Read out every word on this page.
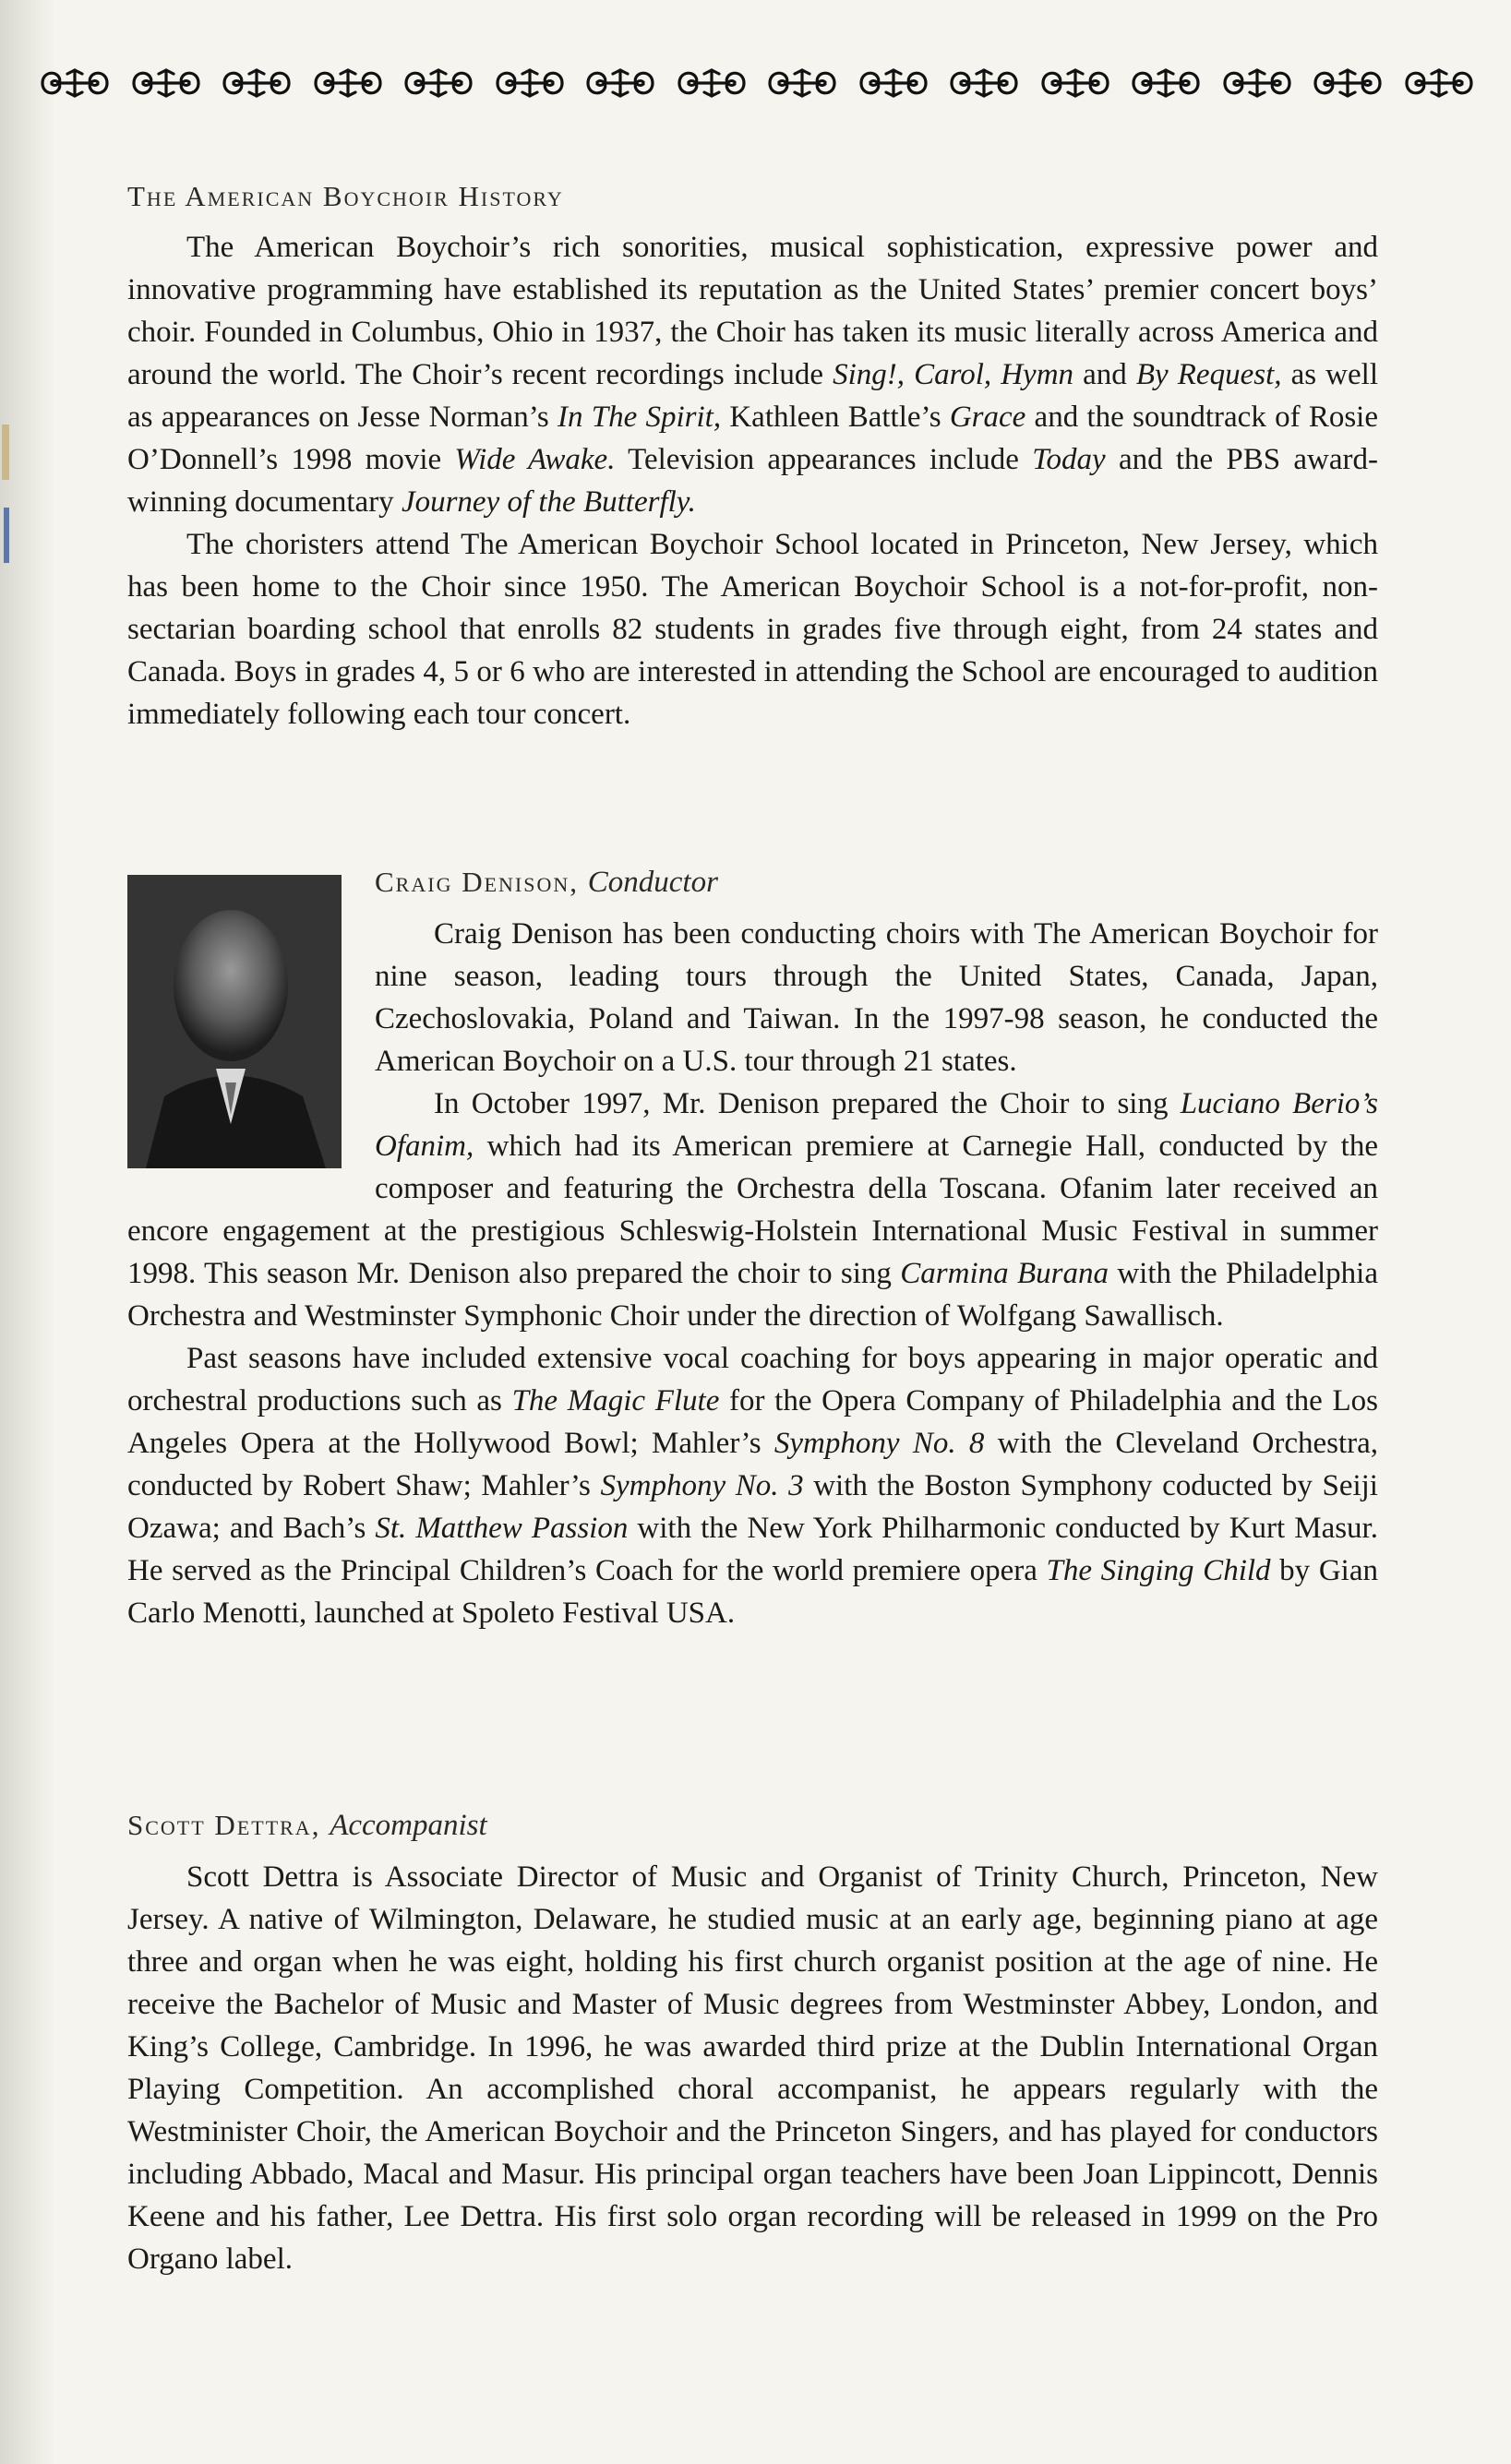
The American Boychoir History

The American Boychoir’s rich sonorities, musical sophistication, expressive power and innovative programming have established its reputation as the United States’ premier concert boys’ choir. Founded in Columbus, Ohio in 1937, the Choir has taken its music literally across America and around the world. The Choir’s recent recordings include Sing!, Carol, Hymn and By Request, as well as appearances on Jesse Norman’s In The Spirit, Kathleen Battle’s Grace and the soundtrack of Rosie O’Donnell’s 1998 movie Wide Awake. Television appearances include Today and the PBS award-winning documentary Journey of the Butterfly.

The choristers attend The American Boychoir School located in Princeton, New Jersey, which has been home to the Choir since 1950. The American Boychoir School is a not-for-profit, non-sectarian boarding school that enrolls 82 students in grades five through eight, from 24 states and Canada. Boys in grades 4, 5 or 6 who are interested in attending the School are encouraged to audition immediately following each tour concert.

Craig Denison, Conductor

Craig Denison has been conducting choirs with The American Boychoir for nine season, leading tours through the United States, Canada, Japan, Czechoslovakia, Poland and Taiwan. In the 1997-98 season, he conducted the American Boychoir on a U.S. tour through 21 states.

In October 1997, Mr. Denison prepared the Choir to sing Luciano Berio’s Ofanim, which had its American premiere at Carnegie Hall, conducted by the composer and featuring the Orchestra della Toscana. Ofanim later received an encore engagement at the prestigious Schleswig-Holstein International Music Festival in summer 1998. This season Mr. Denison also prepared the choir to sing Carmina Burana with the Philadelphia Orchestra and Westminster Symphonic Choir under the direction of Wolfgang Sawallisch.

Past seasons have included extensive vocal coaching for boys appearing in major operatic and orchestral productions such as The Magic Flute for the Opera Company of Philadelphia and the Los Angeles Opera at the Hollywood Bowl; Mahler’s Symphony No. 8 with the Cleveland Orchestra, conducted by Robert Shaw; Mahler’s Symphony No. 3 with the Boston Symphony coducted by Seiji Ozawa; and Bach’s St. Matthew Passion with the New York Philharmonic conducted by Kurt Masur. He served as the Principal Children’s Coach for the world premiere opera The Singing Child by Gian Carlo Menotti, launched at Spoleto Festival USA.

Scott Dettra, Accompanist

Scott Dettra is Associate Director of Music and Organist of Trinity Church, Princeton, New Jersey. A native of Wilmington, Delaware, he studied music at an early age, beginning piano at age three and organ when he was eight, holding his first church organist position at the age of nine. He receive the Bachelor of Music and Master of Music degrees from Westminster Abbey, London, and King’s College, Cambridge. In 1996, he was awarded third prize at the Dublin International Organ Playing Competition. An accomplished choral accompanist, he appears regularly with the Westminister Choir, the American Boychoir and the Princeton Singers, and has played for conductors including Abbado, Macal and Masur. His principal organ teachers have been Joan Lippincott, Dennis Keene and his father, Lee Dettra. His first solo organ recording will be released in 1999 on the Pro Organo label.
